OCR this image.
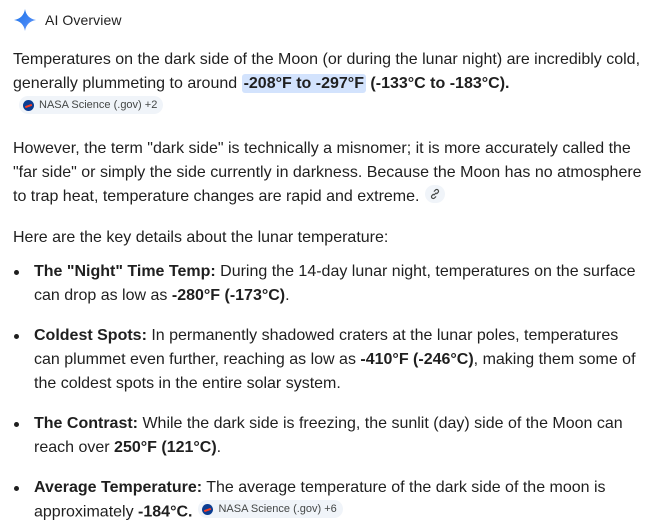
AI Overview

Temperatures on the dark side of the Moon (or during the lunar night) are incredibly cold, generally plummeting to around -208°F to -297°F (-133°C to -183°C).
NASA Science (.gov) +2

However, the term "dark side" is technically a misnomer; it is more accurately called the "far side" or simply the side currently in darkness. Because the Moon has no atmosphere to trap heat, temperature changes are rapid and extreme.

Here are the key details about the lunar temperature:

The "Night" Time Temp: During the 14-day lunar night, temperatures on the surface can drop as low as -280°F (-173°C).
Coldest Spots: In permanently shadowed craters at the lunar poles, temperatures can plummet even further, reaching as low as -410°F (-246°C), making them some of the coldest spots in the entire solar system.
The Contrast: While the dark side is freezing, the sunlit (day) side of the Moon can reach over 250°F (121°C).
Average Temperature: The average temperature of the dark side of the moon is approximately -184°C. NASA Science (.gov) +6
